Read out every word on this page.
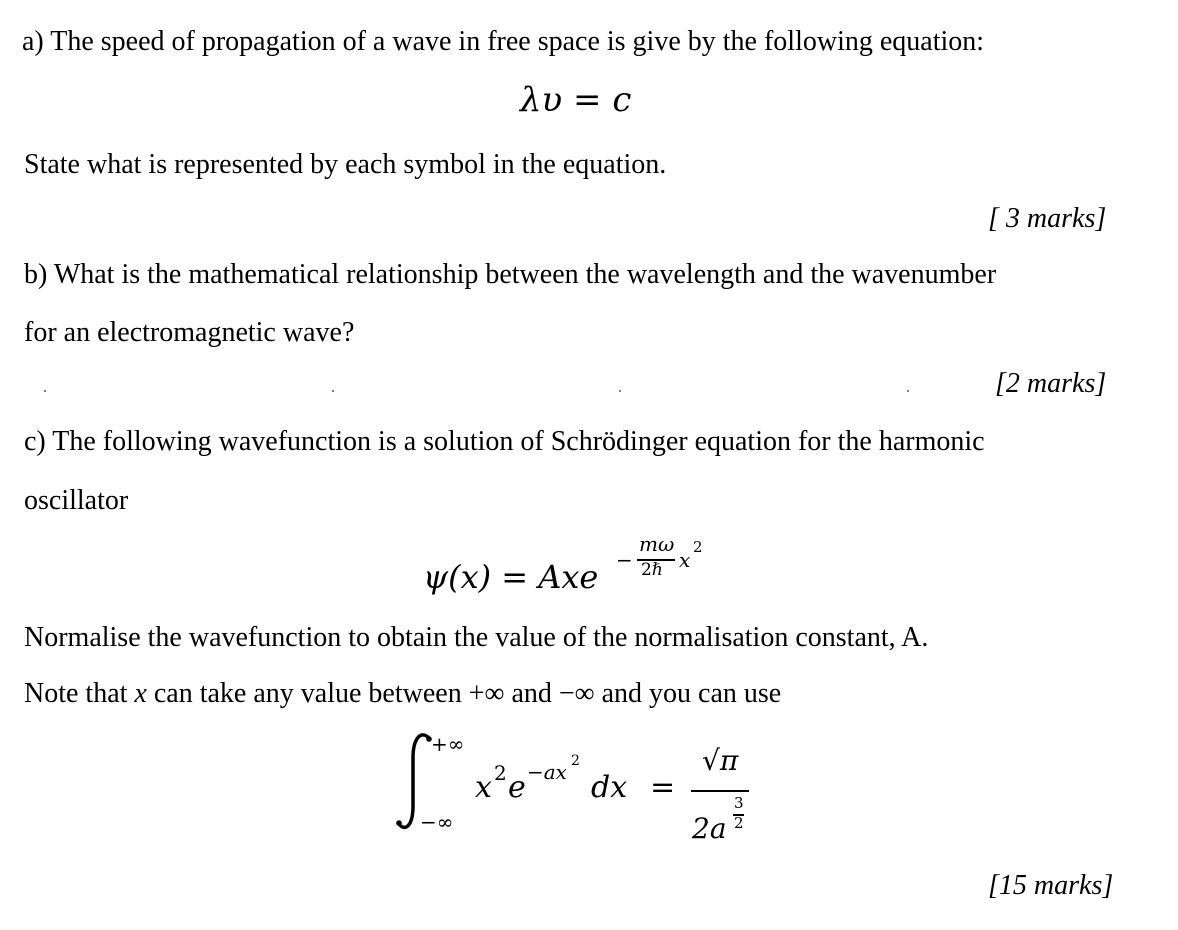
a) The speed of propagation of a wave in free space is give by the following equation:
λυ = c
State what is represented by each symbol in the equation.
[ 3 marks]
b) What is the mathematical relationship between the wavelength and the wavenumber
for an electromagnetic wave?
[2 marks]
c) The following wavefunction is a solution of Schrödinger equation for the harmonic
oscillator
ψ(x) = Axe −
mω
2ℏ x
2
Normalise the wavefunction to obtain the value of the normalisation constant, A.
Note that x can take any value between +∞ and −∞ and you can use
+∞
−∞
x 2 e −ax 2
dx =
√π
2a
3
2
[15 marks]
